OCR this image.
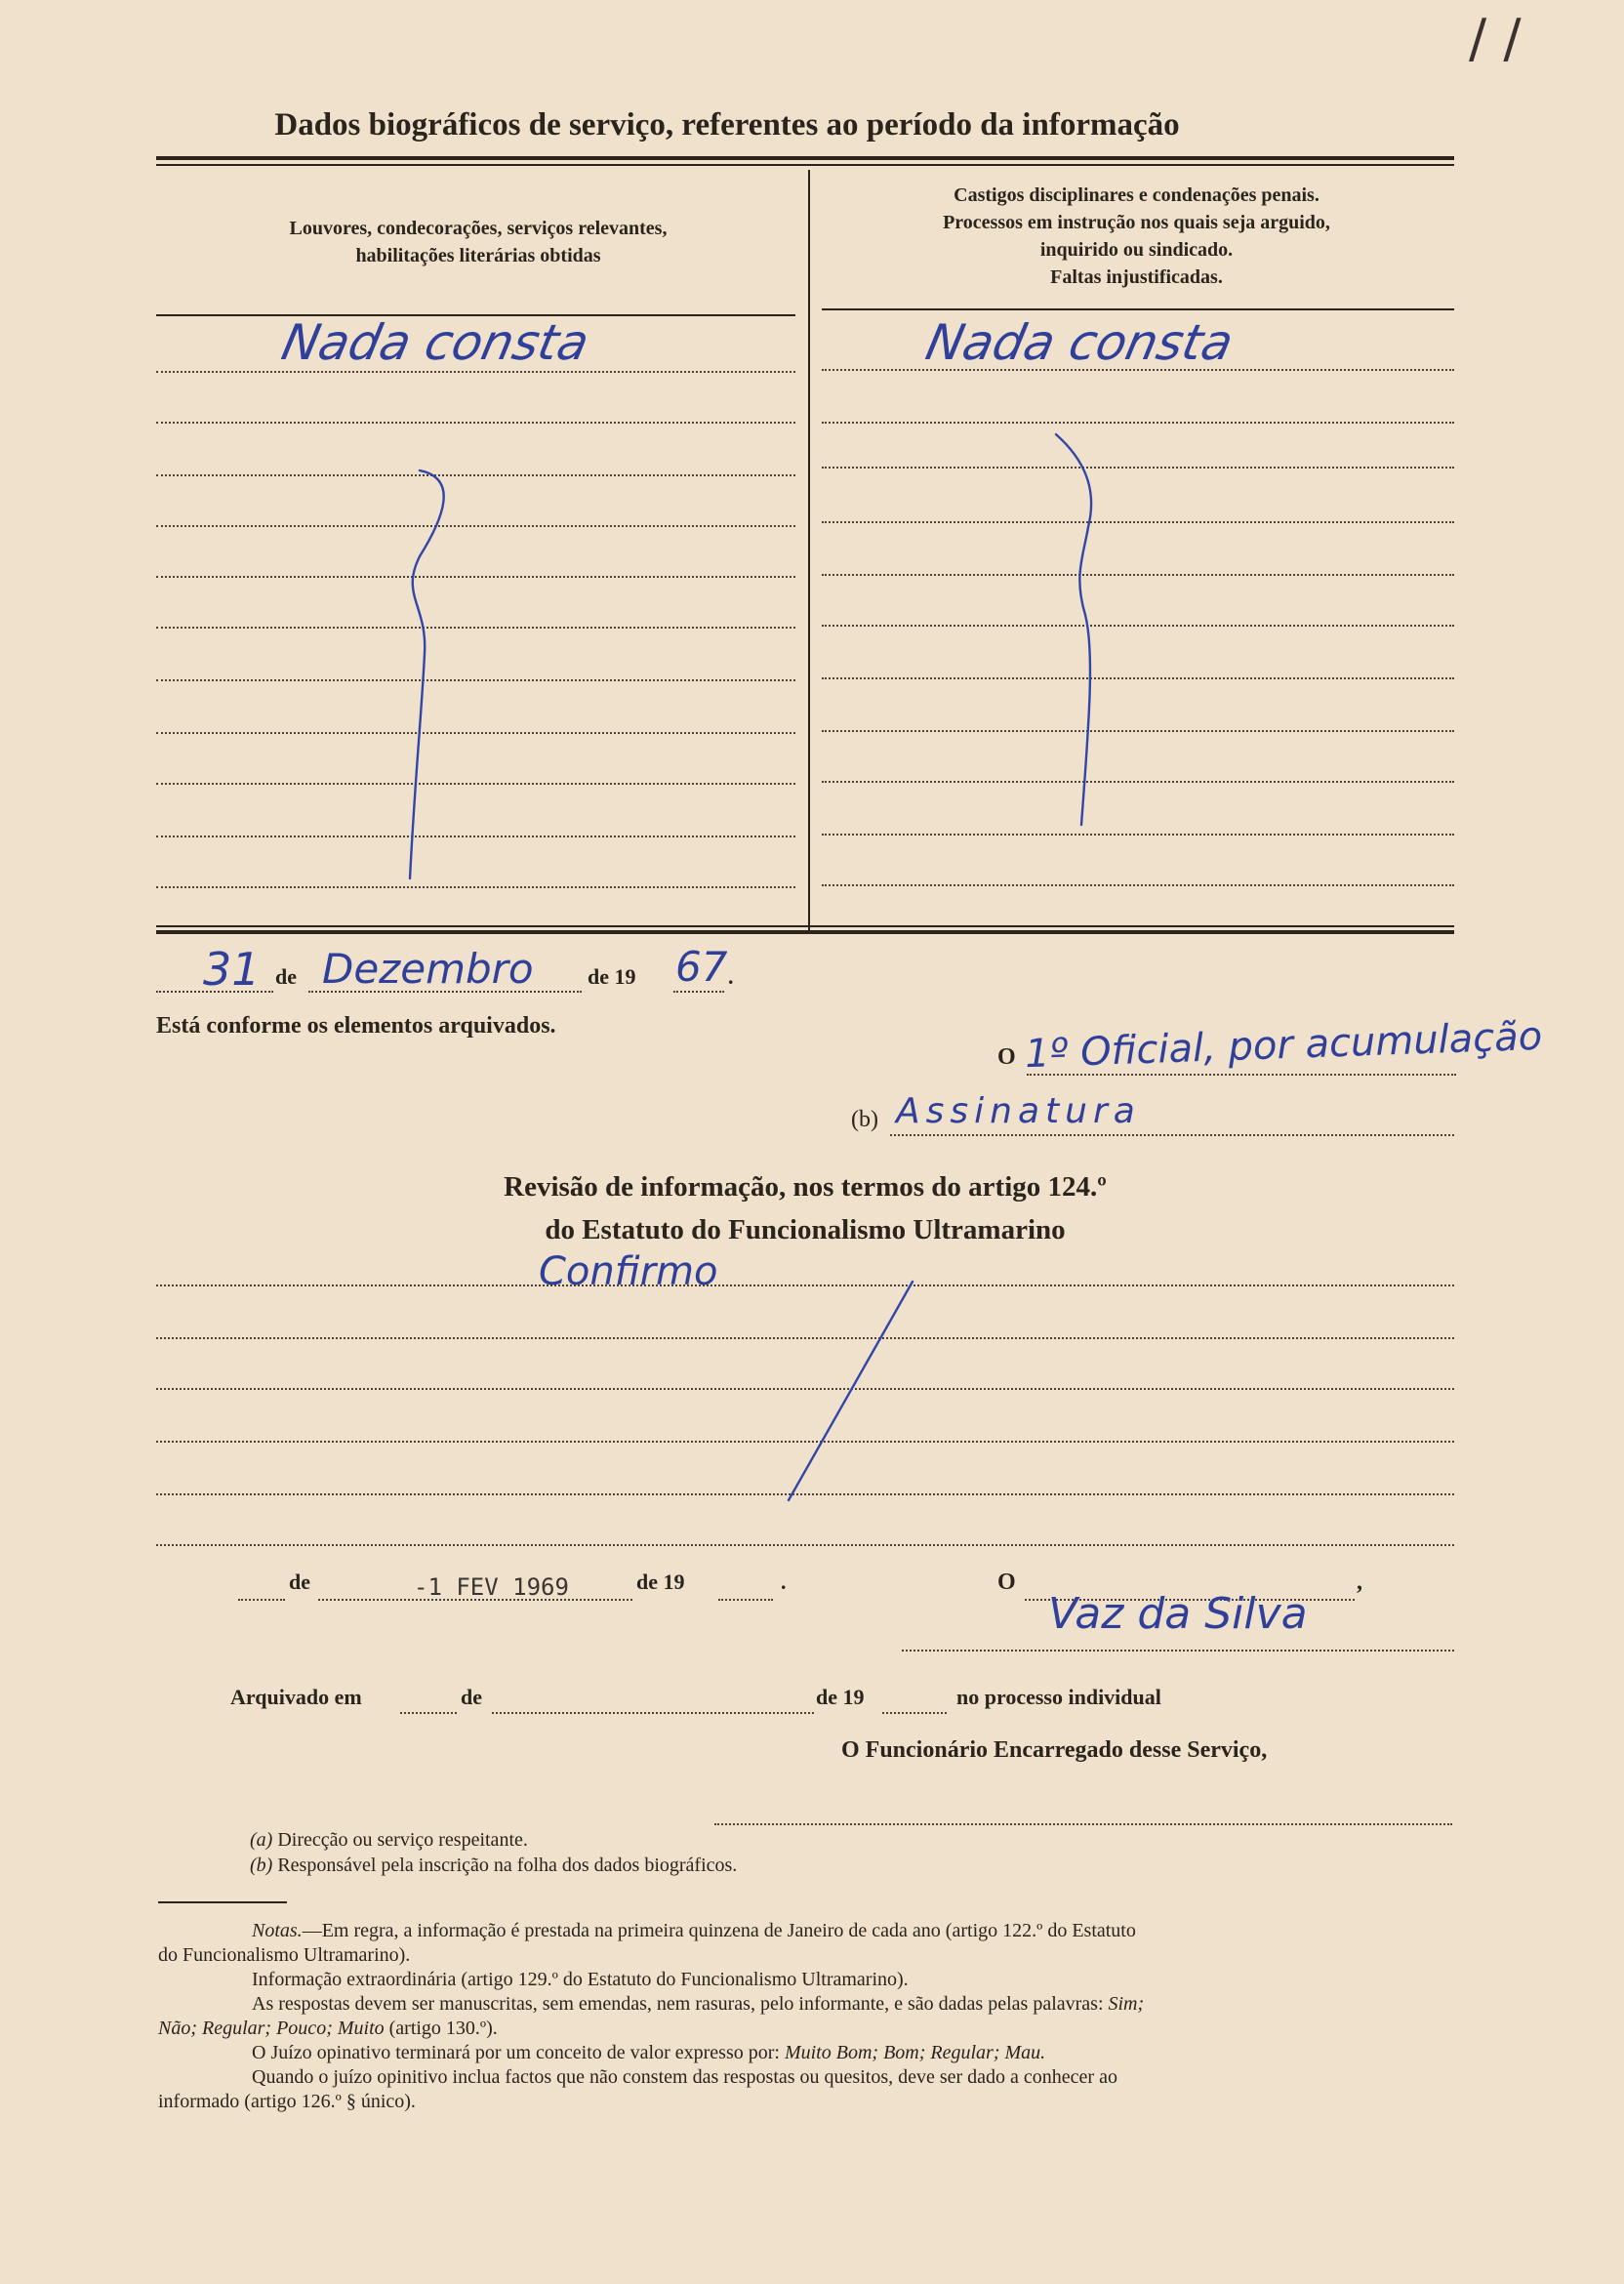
/ /
Dados biográficos de serviço, referentes ao período da informação
Louvores, condecorações, serviços relevantes,
habilitações literárias obtidas
Castigos disciplinares e condenações penais.
Processos em instrução nos quais seja arguido,
inquirido ou sindicado.
Faltas injustificadas.
Nada consta	Nada consta
31 de Dezembro	de 19 67 .
Está conforme os elementos arquivados.
O 1º Oficial, por acumulação
(b) Assinatura
Revisão de informação, nos termos do artigo 124.º
do Estatuto do Funcionalismo Ultramarino
Confirmo
de	-1 FEV 1969	de 19	.	O	,
Vaz da Silva
Arquivado em	de	de 19	no processo individual
O Funcionário Encarregado desse Serviço,
(a) Direcção ou serviço respeitante.
(b) Responsável pela inscrição na folha dos dados biográficos.

Notas.—Em regra, a informação é prestada na primeira quinzena de Janeiro de cada ano (artigo 122.º do Estatuto

do Funcionalismo Ultramarino).

Informação extraordinária (artigo 129.º do Estatuto do Funcionalismo Ultramarino).

As respostas devem ser manuscritas, sem emendas, nem rasuras, pelo informante, e são dadas pelas palavras: Sim;

Não; Regular; Pouco; Muito (artigo 130.º).

O Juízo opinativo terminará por um conceito de valor expresso por: Muito Bom; Bom; Regular; Mau.

Quando o juízo opinitivo inclua factos que não constem das respostas ou quesitos, deve ser dado a conhecer ao

informado (artigo 126.º § único).
